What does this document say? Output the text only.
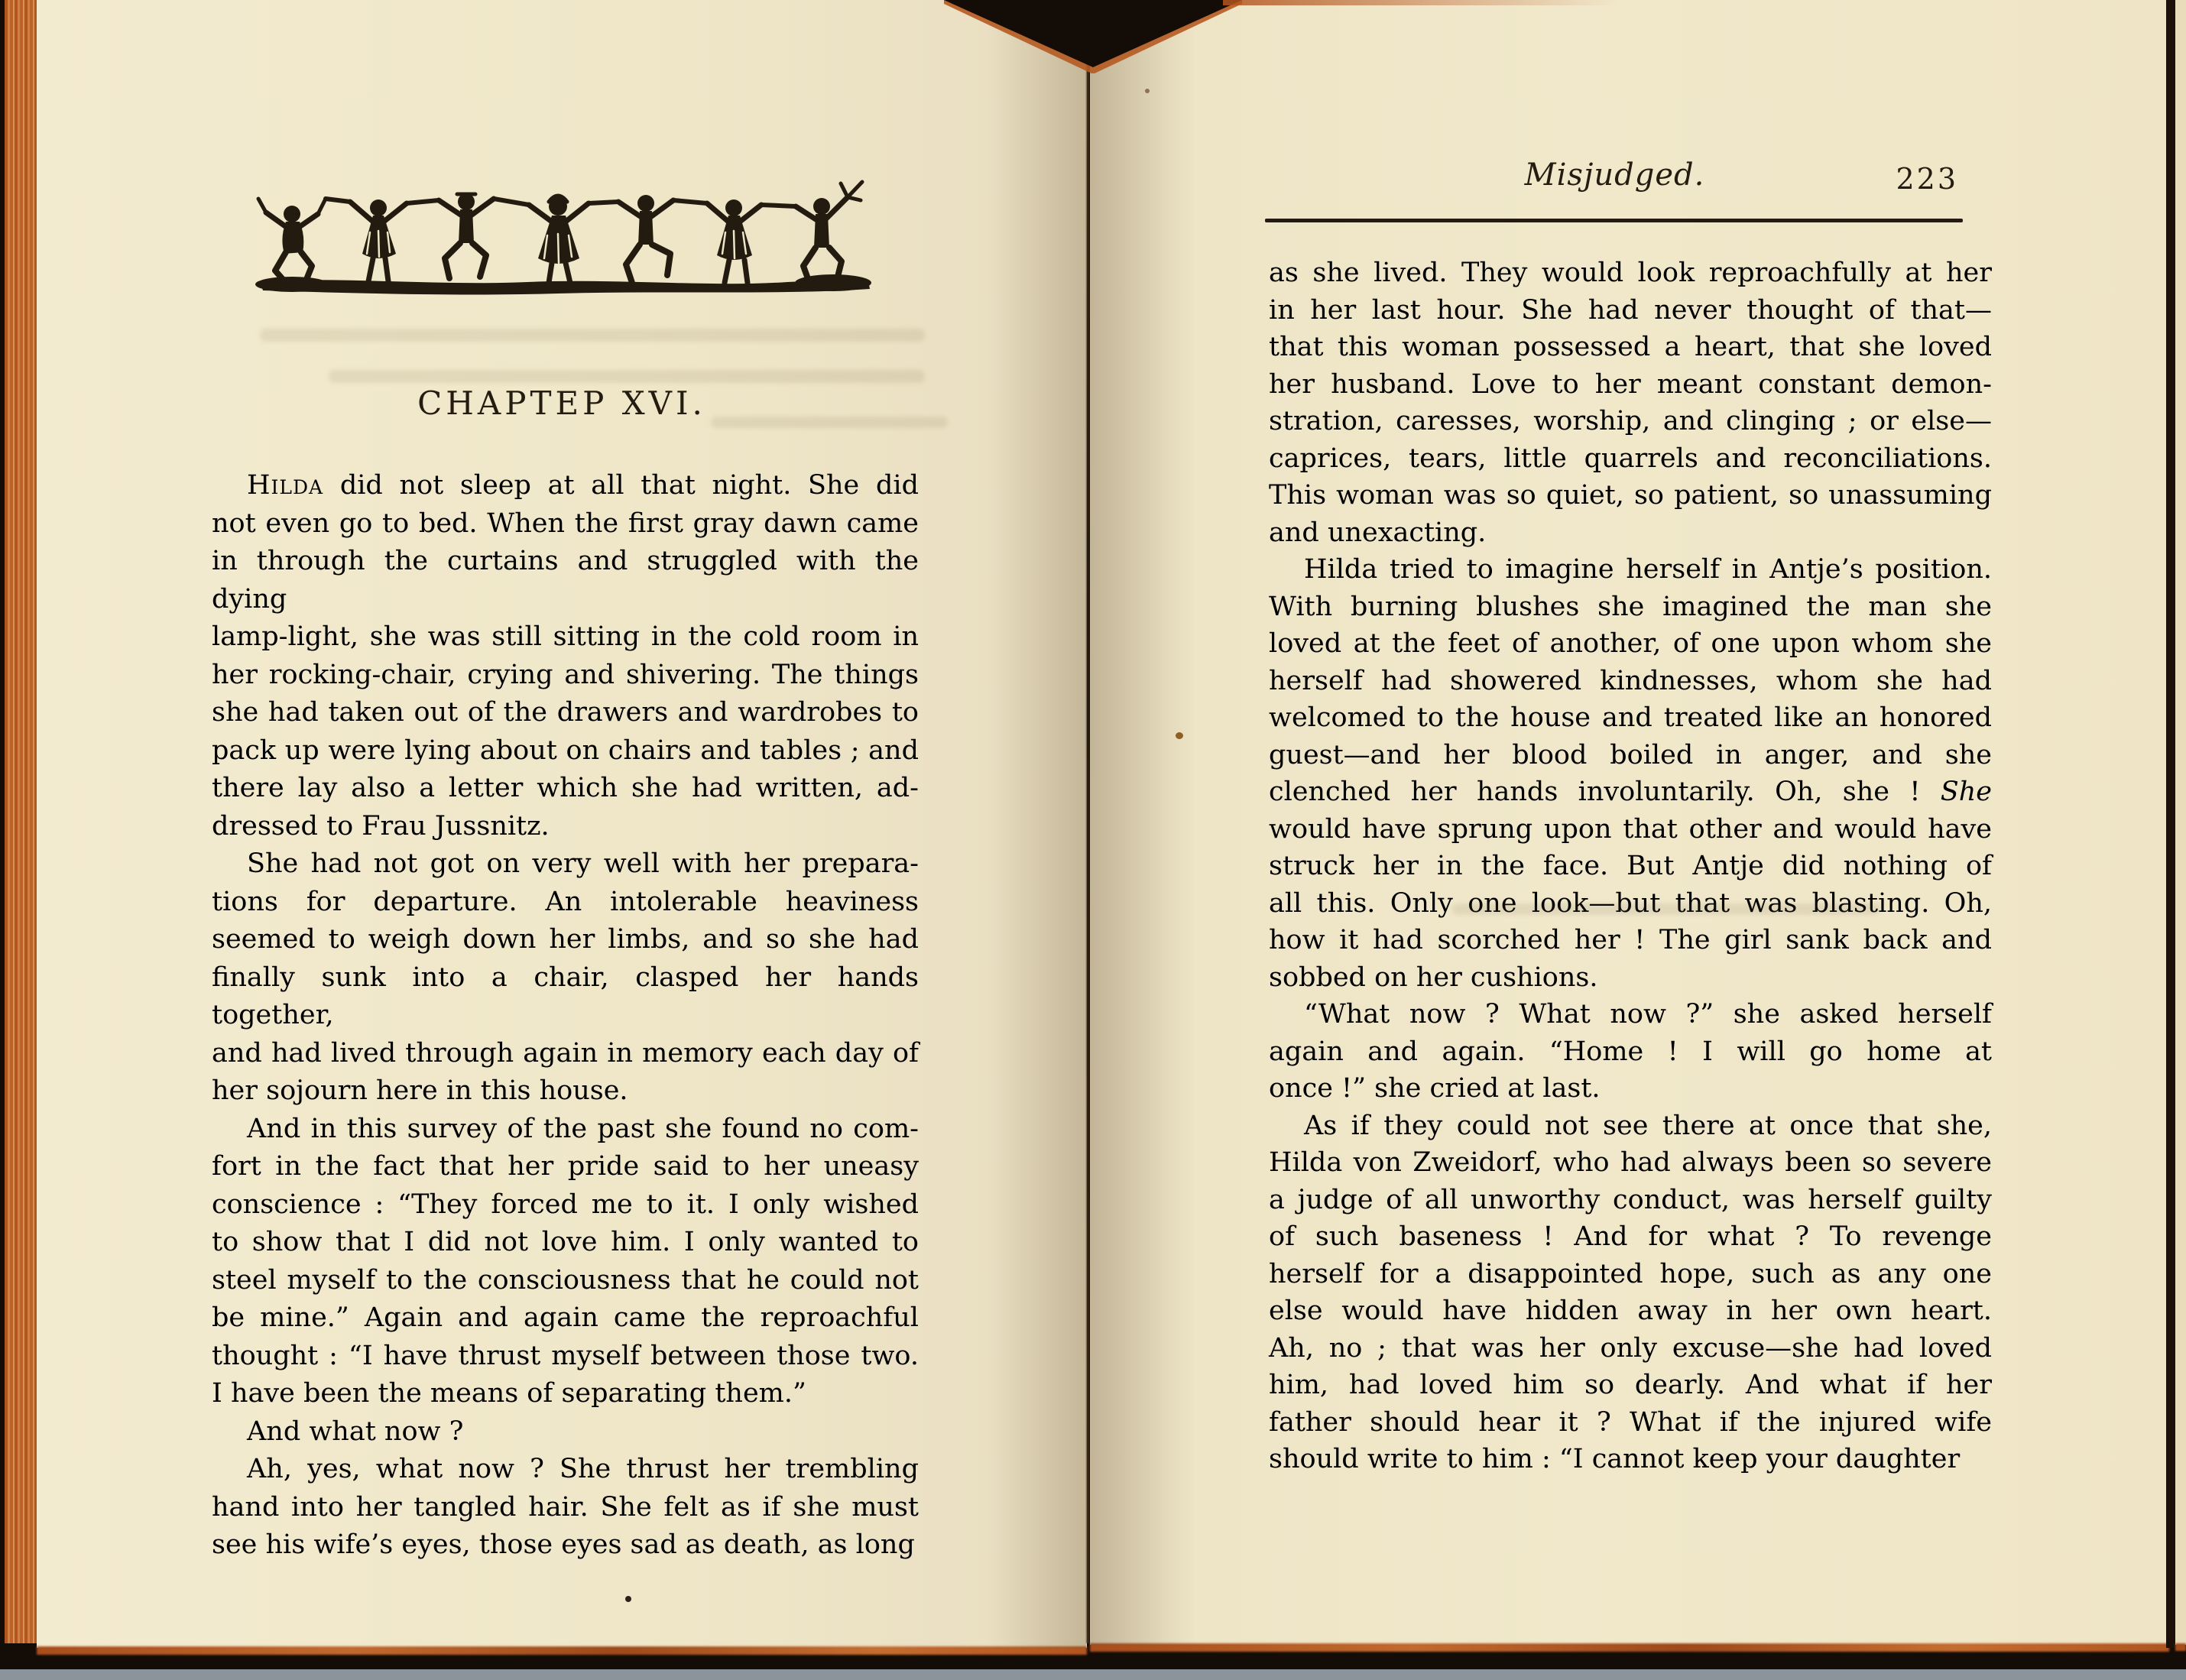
CHAPTEP XVI.
Hilda did not sleep at all that night. She did
not even go to bed. When the first gray dawn came
in through the curtains and struggled with the dying
lamp-light, she was still sitting in the cold room in
her rocking-chair, crying and shivering. The things
she had taken out of the drawers and wardrobes to
pack up were lying about on chairs and tables ; and
there lay also a letter which she had written, ad-
dressed to Frau Jussnitz.
She had not got on very well with her prepara-
tions for departure. An intolerable heaviness
seemed to weigh down her limbs, and so she had
finally sunk into a chair, clasped her hands together,
and had lived through again in memory each day of
her sojourn here in this house.
And in this survey of the past she found no com-
fort in the fact that her pride said to her uneasy
conscience : “They forced me to it. I only wished
to show that I did not love him. I only wanted to
steel myself to the consciousness that he could not
be mine.” Again and again came the reproachful
thought : “I have thrust myself between those two.
I have been the means of separating them.”
And what now ?
Ah, yes, what now ? She thrust her trembling
hand into her tangled hair. She felt as if she must
see his wife’s eyes, those eyes sad as death, as long
Misjudged.	223
as she lived. They would look reproachfully at her
in her last hour. She had never thought of that—
that this woman possessed a heart, that she loved
her husband. Love to her meant constant demon-
stration, caresses, worship, and clinging ; or else—
caprices, tears, little quarrels and reconciliations.
This woman was so quiet, so patient, so unassuming
and unexacting.
Hilda tried to imagine herself in Antje’s position.
With burning blushes she imagined the man she
loved at the feet of another, of one upon whom she
herself had showered kindnesses, whom she had
welcomed to the house and treated like an honored
guest—and her blood boiled in anger, and she
clenched her hands involuntarily. Oh, she ! She
would have sprung upon that other and would have
struck her in the face. But Antje did nothing of
all this. Only one look—but that was blasting. Oh,
how it had scorched her ! The girl sank back and
sobbed on her cushions.
“What now ? What now ?” she asked herself
again and again. “Home ! I will go home at
once !” she cried at last.
As if they could not see there at once that she,
Hilda von Zweidorf, who had always been so severe
a judge of all unworthy conduct, was herself guilty
of such baseness ! And for what ? To revenge
herself for a disappointed hope, such as any one
else would have hidden away in her own heart.
Ah, no ; that was her only excuse—she had loved
him, had loved him so dearly. And what if her
father should hear it ? What if the injured wife
should write to him : “I cannot keep your daughter
